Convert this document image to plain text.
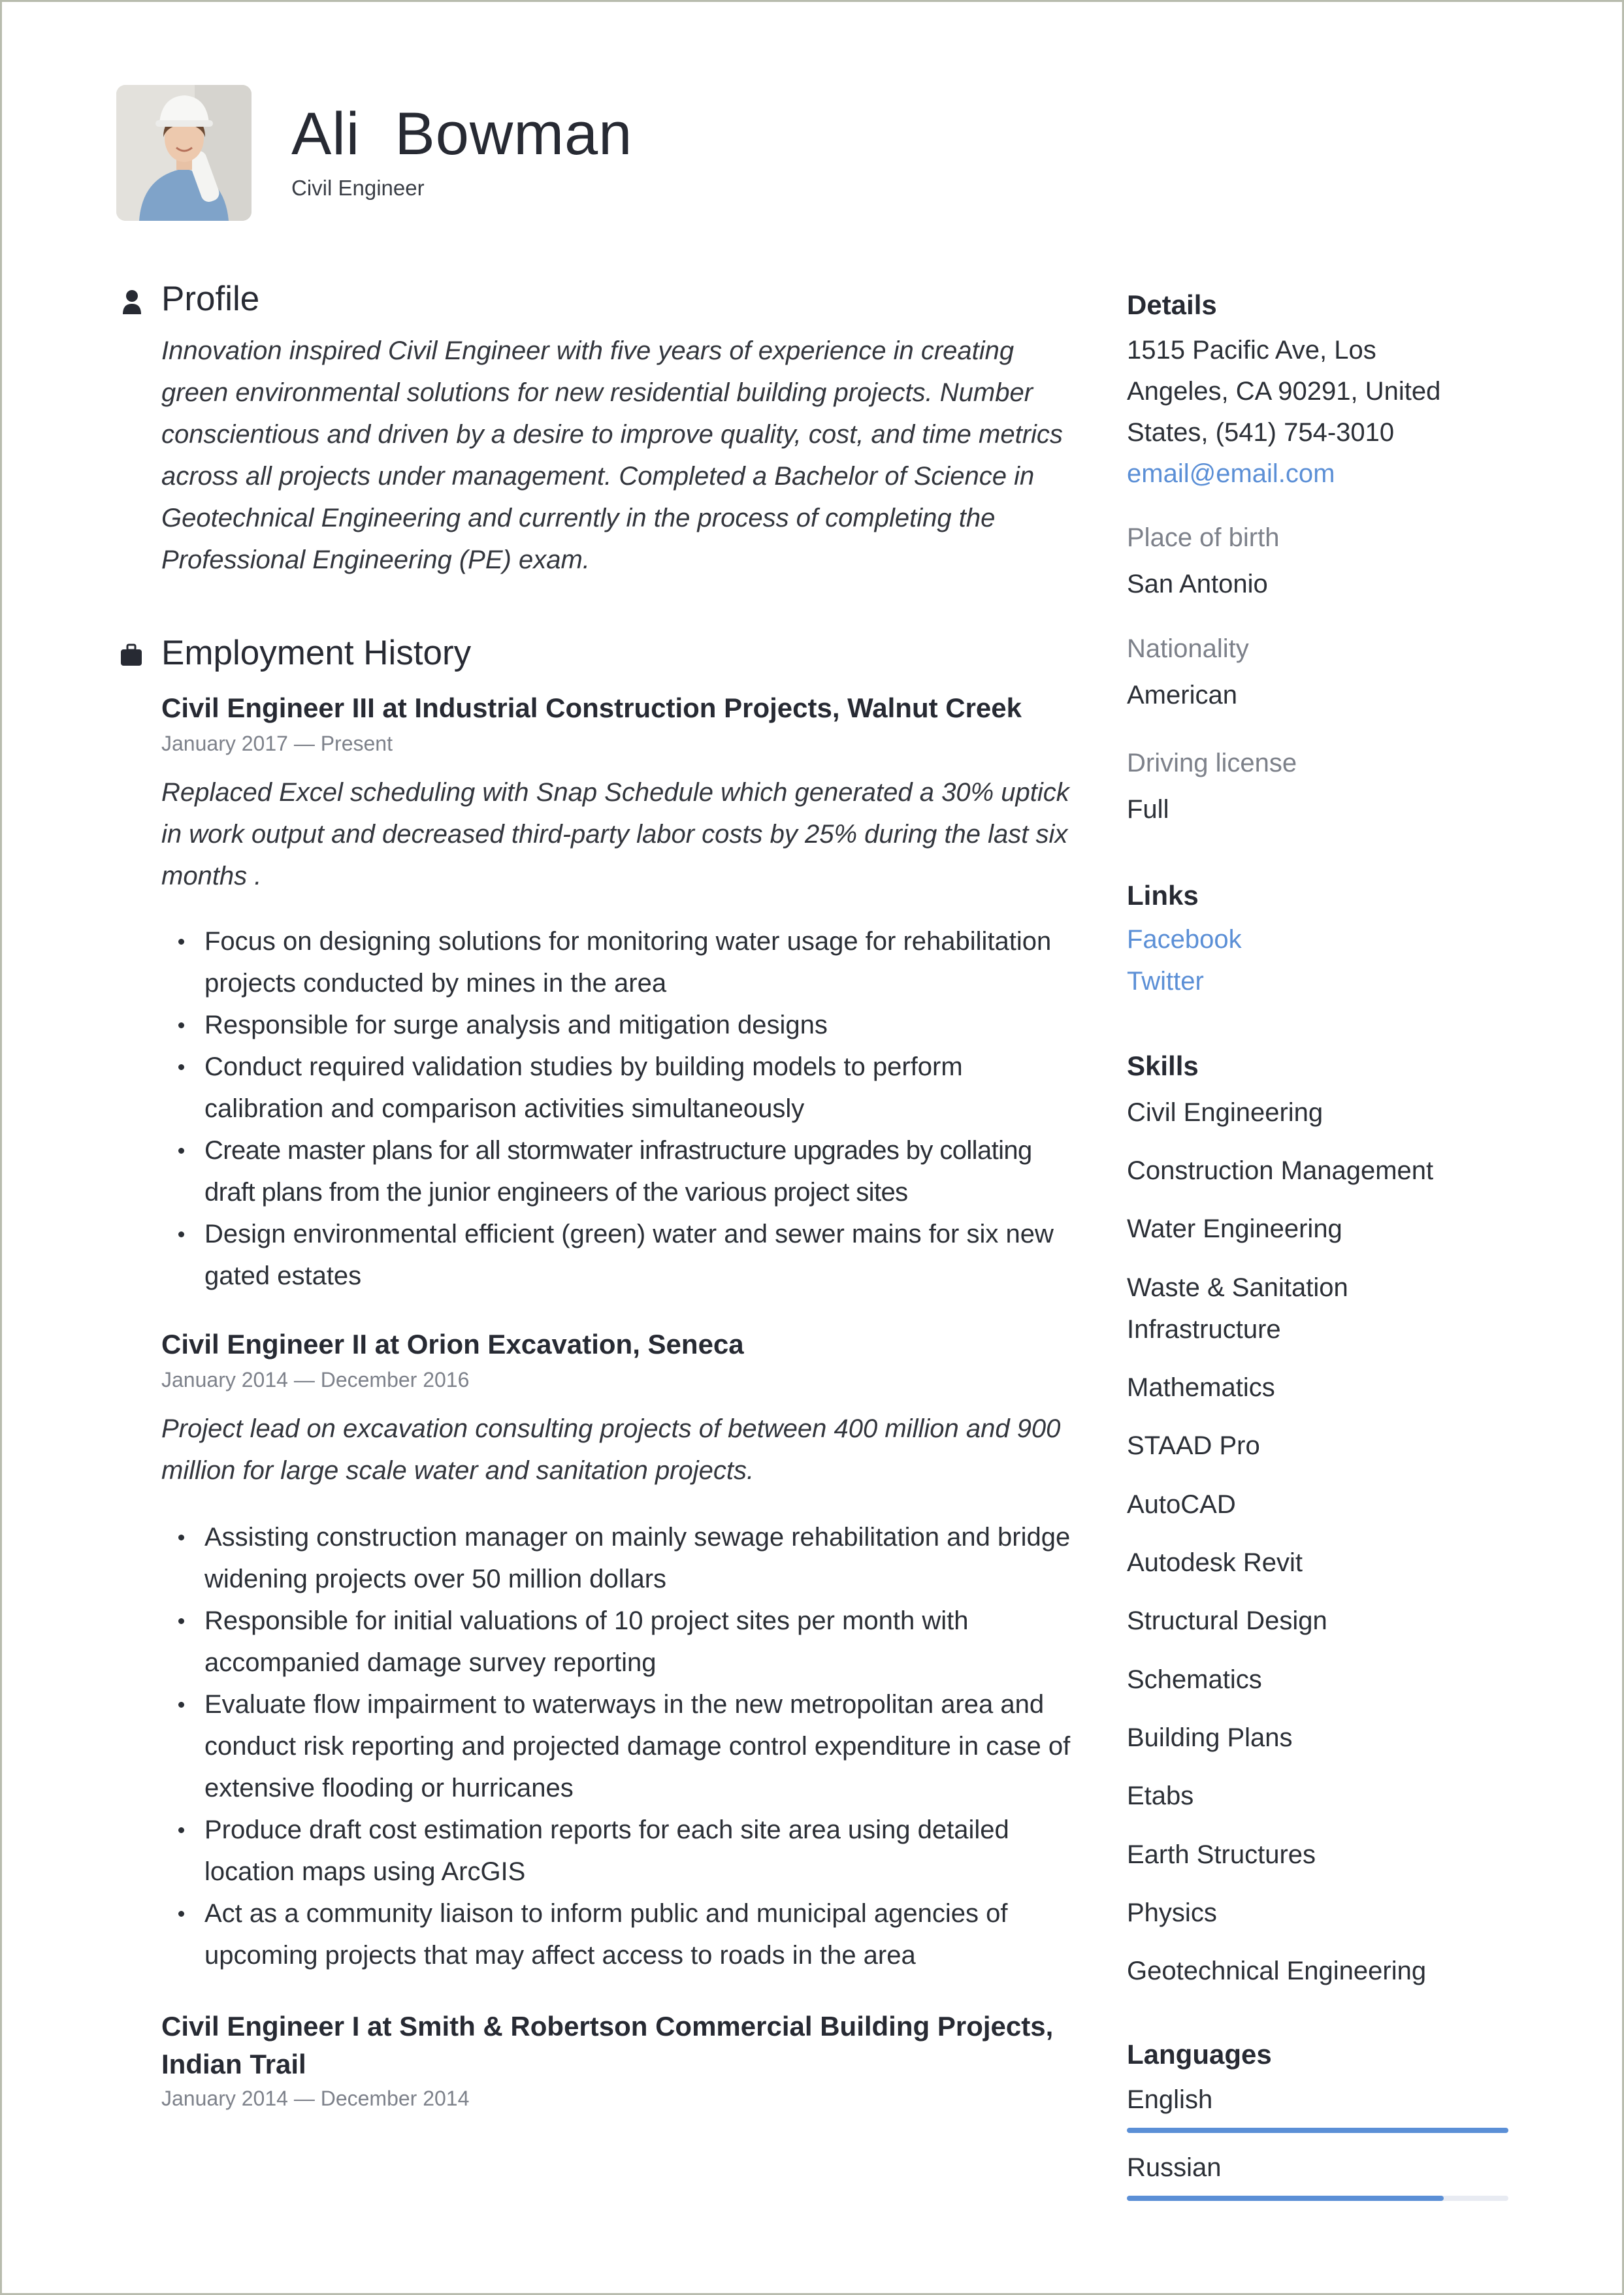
Ali Bowman
Civil Engineer
Profile
Innovation inspired Civil Engineer with five years of experience in creating green environmental solutions for new residential building projects. Number conscientious and driven by a desire to improve quality, cost, and time metrics across all projects under management. Completed a Bachelor of Science in Geotechnical Engineering and currently in the process of completing the Professional Engineering (PE) exam.
Employment History
Civil Engineer III at Industrial Construction Projects, Walnut Creek
January 2017 — Present
Replaced Excel scheduling with Snap Schedule which generated a 30% uptick in work output and decreased third-party labor costs by 25% during the last six months .
Focus on designing solutions for monitoring water usage for rehabilitation projects conducted by mines in the area
Responsible for surge analysis and mitigation designs
Conduct required validation studies by building models to perform calibration and comparison activities simultaneously
Create master plans for all stormwater infrastructure upgrades by collating draft plans from the junior engineers of the various project sites
Design environmental efficient (green) water and sewer mains for six new gated estates
Civil Engineer II at Orion Excavation, Seneca
January 2014 — December 2016
Project lead on excavation consulting projects of between 400 million and 900 million for large scale water and sanitation projects.
Assisting construction manager on mainly sewage rehabilitation and bridge widening projects over 50 million dollars
Responsible for initial valuations of 10 project sites per month with accompanied damage survey reporting
Evaluate flow impairment to waterways in the new metropolitan area and conduct risk reporting and projected damage control expenditure in case of extensive flooding or hurricanes
Produce draft cost estimation reports for each site area using detailed location maps using ArcGIS
Act as a community liaison to inform public and municipal agencies of upcoming projects that may affect access to roads in the area
Civil Engineer I at Smith & Robertson Commercial Building Projects, Indian Trail
January 2014 — December 2014
Details
1515 Pacific Ave, Los Angeles, CA 90291, United States, (541) 754-3010
email@email.com
Place of birth
San Antonio
Nationality
American
Driving license
Full
Links
Facebook
Twitter
Skills
Civil Engineering
Construction Management
Water Engineering
Waste & Sanitation Infrastructure
Mathematics
STAAD Pro
AutoCAD
Autodesk Revit
Structural Design
Schematics
Building Plans
Etabs
Earth Structures
Physics
Geotechnical Engineering
Languages
English
Russian
